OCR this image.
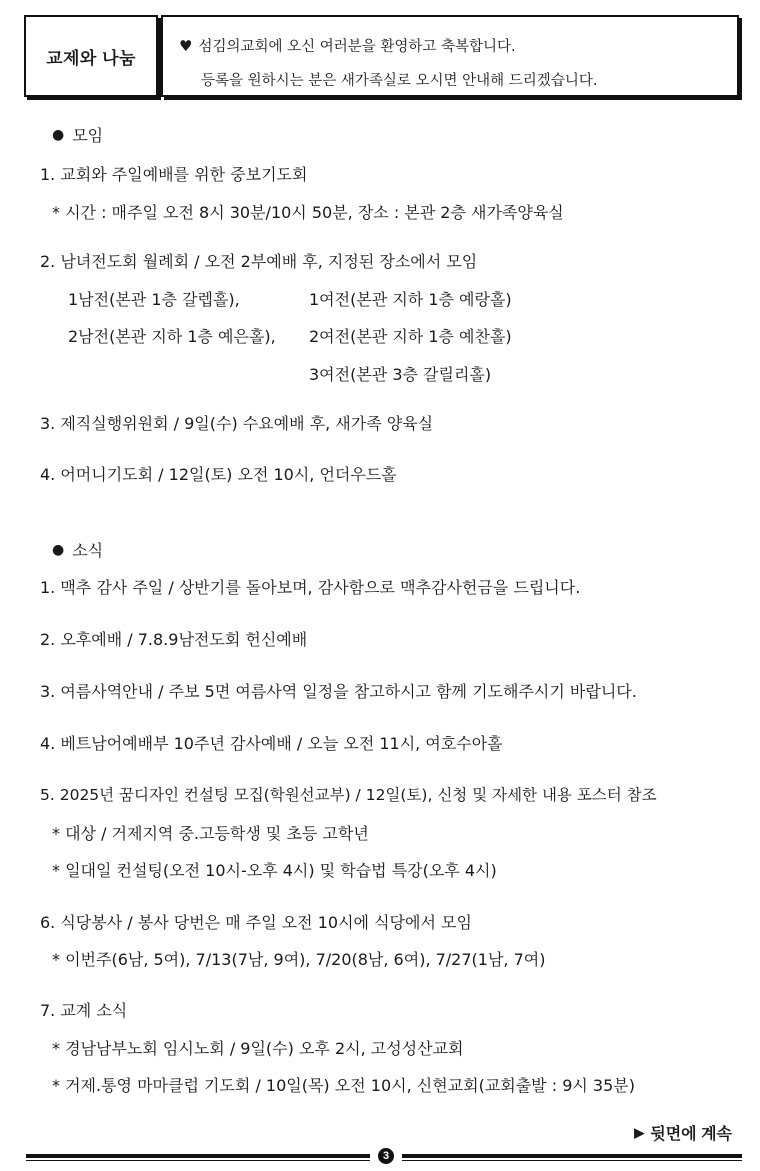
교제와 나눔
♥ 섬김의교회에 오신 여러분을 환영하고 축복합니다.
등록을 원하시는 분은 새가족실로 오시면 안내해 드리겠습니다.
● 모임
1. 교회와 주일예배를 위한 중보기도회
* 시간 : 매주일 오전 8시 30분/10시 50분, 장소 : 본관 2층 새가족양육실
2. 남녀전도회 월례회 / 오전 2부예배 후, 지정된 장소에서 모임
1남전(본관 1층 갈렙홀),	1여전(본관 지하 1층 예랑홀)
2남전(본관 지하 1층 예은홀), 2여전(본관 지하 1층 예찬홀)
3여전(본관 3층 갈릴리홀)
3. 제직실행위원회 / 9일(수) 수요예배 후, 새가족 양육실
4. 어머니기도회 / 12일(토) 오전 10시, 언더우드홀
● 소식
1. 맥추 감사 주일 / 상반기를 돌아보며, 감사함으로 맥추감사헌금을 드립니다.
2. 오후예배 / 7.8.9남전도회 헌신예배
3. 여름사역안내 / 주보 5면 여름사역 일정을 참고하시고 함께 기도해주시기 바랍니다.
4. 베트남어예배부 10주년 감사예배 / 오늘 오전 11시, 여호수아홀
5. 2025년 꿈디자인 컨설팅 모집(학원선교부) / 12일(토), 신청 및 자세한 내용 포스터 참조
* 대상 / 거제지역 중.고등학생 및 초등 고학년
* 일대일 컨설팅(오전 10시-오후 4시) 및 학습법 특강(오후 4시)
6. 식당봉사 / 봉사 당번은 매 주일 오전 10시에 식당에서 모임
* 이번주(6남, 5여), 7/13(7남, 9여), 7/20(8남, 6여), 7/27(1남, 7여)
7. 교계 소식
* 경남남부노회 임시노회 / 9일(수) 오후 2시, 고성성산교회
* 거제.통영 마마클럽 기도회 / 10일(목) 오전 10시, 신현교회(교회출발 : 9시 35분)
▶ 뒷면에 계속
3
